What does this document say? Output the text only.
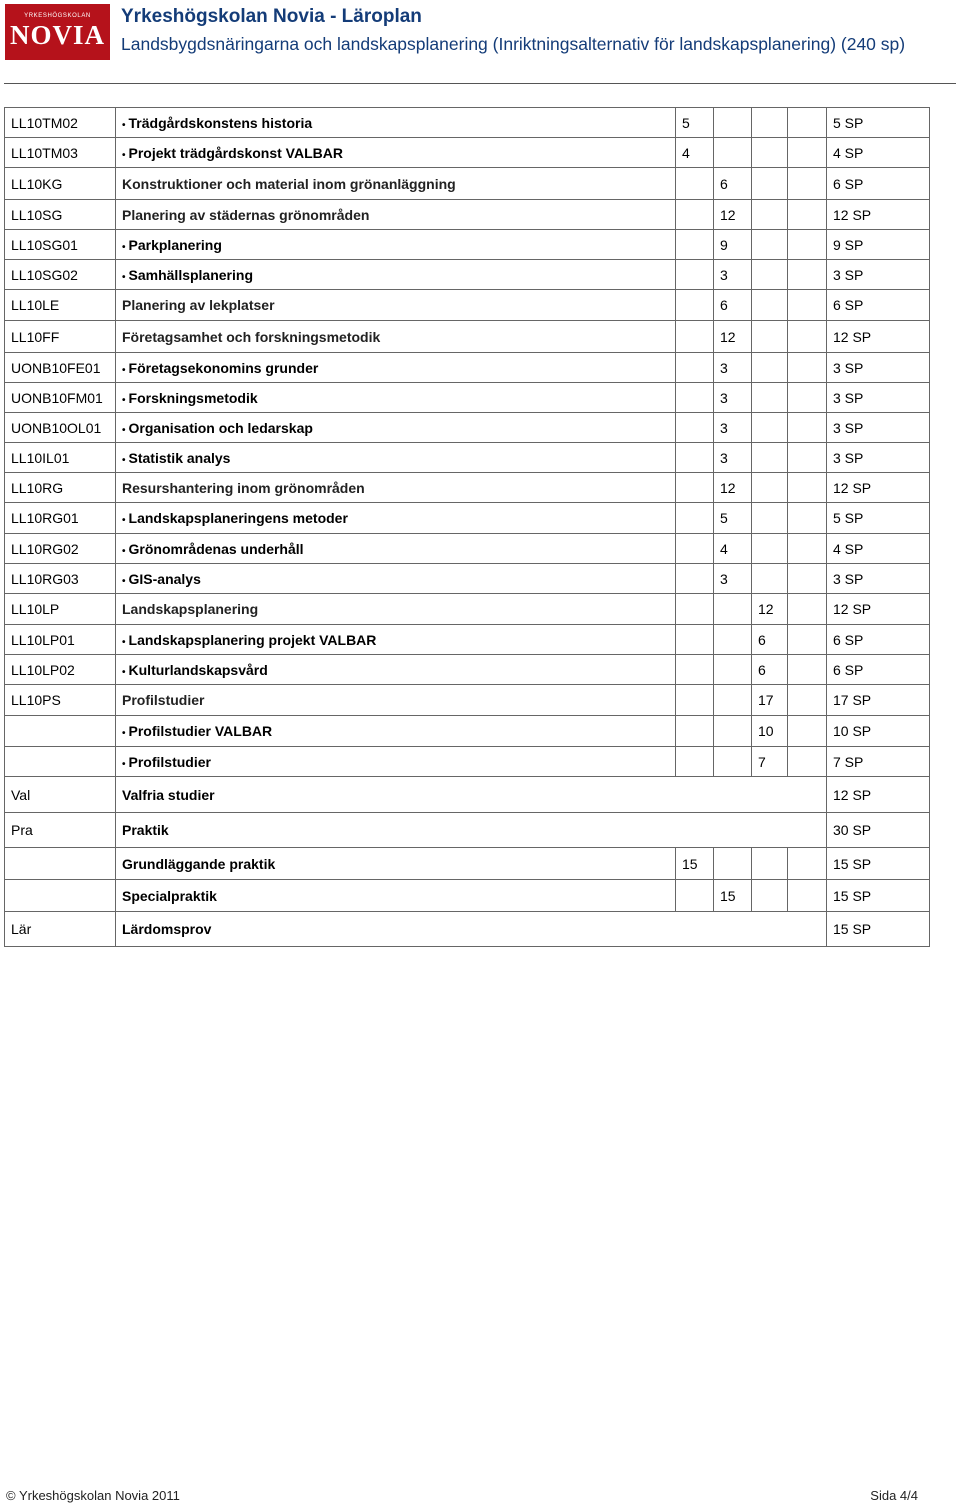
YRKESHÖGSKOLAN
NOVIA
Yrkeshögskolan Novia - Läroplan
Landsbygdsnäringarna och landskapsplanering (Inriktningsalternativ för landskapsplanering) (240 sp)
LL10TM02	• Trädgårdskonstens historia	5				5 SP
LL10TM03	• Projekt trädgårdskonst VALBAR	4				4 SP
LL10KG	Konstruktioner och material inom grönanläggning		6			6 SP
LL10SG	Planering av städernas grönområden		12			12 SP
LL10SG01	• Parkplanering		9			9 SP
LL10SG02	• Samhällsplanering		3			3 SP
LL10LE	Planering av lekplatser		6			6 SP
LL10FF	Företagsamhet och forskningsmetodik		12			12 SP
UONB10FE01	• Företagsekonomins grunder		3			3 SP
UONB10FM01	• Forskningsmetodik		3			3 SP
UONB10OL01	• Organisation och ledarskap		3			3 SP
LL10IL01	• Statistik analys		3			3 SP
LL10RG	Resurshantering inom grönområden		12			12 SP
LL10RG01	• Landskapsplaneringens metoder		5			5 SP
LL10RG02	• Grönområdenas underhåll		4			4 SP
LL10RG03	• GIS-analys		3			3 SP
LL10LP	Landskapsplanering			12		12 SP
LL10LP01	• Landskapsplanering projekt VALBAR			6		6 SP
LL10LP02	• Kulturlandskapsvård			6		6 SP
LL10PS	Profilstudier			17		17 SP
	• Profilstudier VALBAR			10		10 SP
	• Profilstudier			7		7 SP
Val	Valfria studier					12 SP
Pra	Praktik					30 SP
	Grundläggande praktik	15				15 SP
	Specialpraktik		15			15 SP
Lär	Lärdomsprov					15 SP
© Yrkeshögskolan Novia 2011	Sida 4/4
